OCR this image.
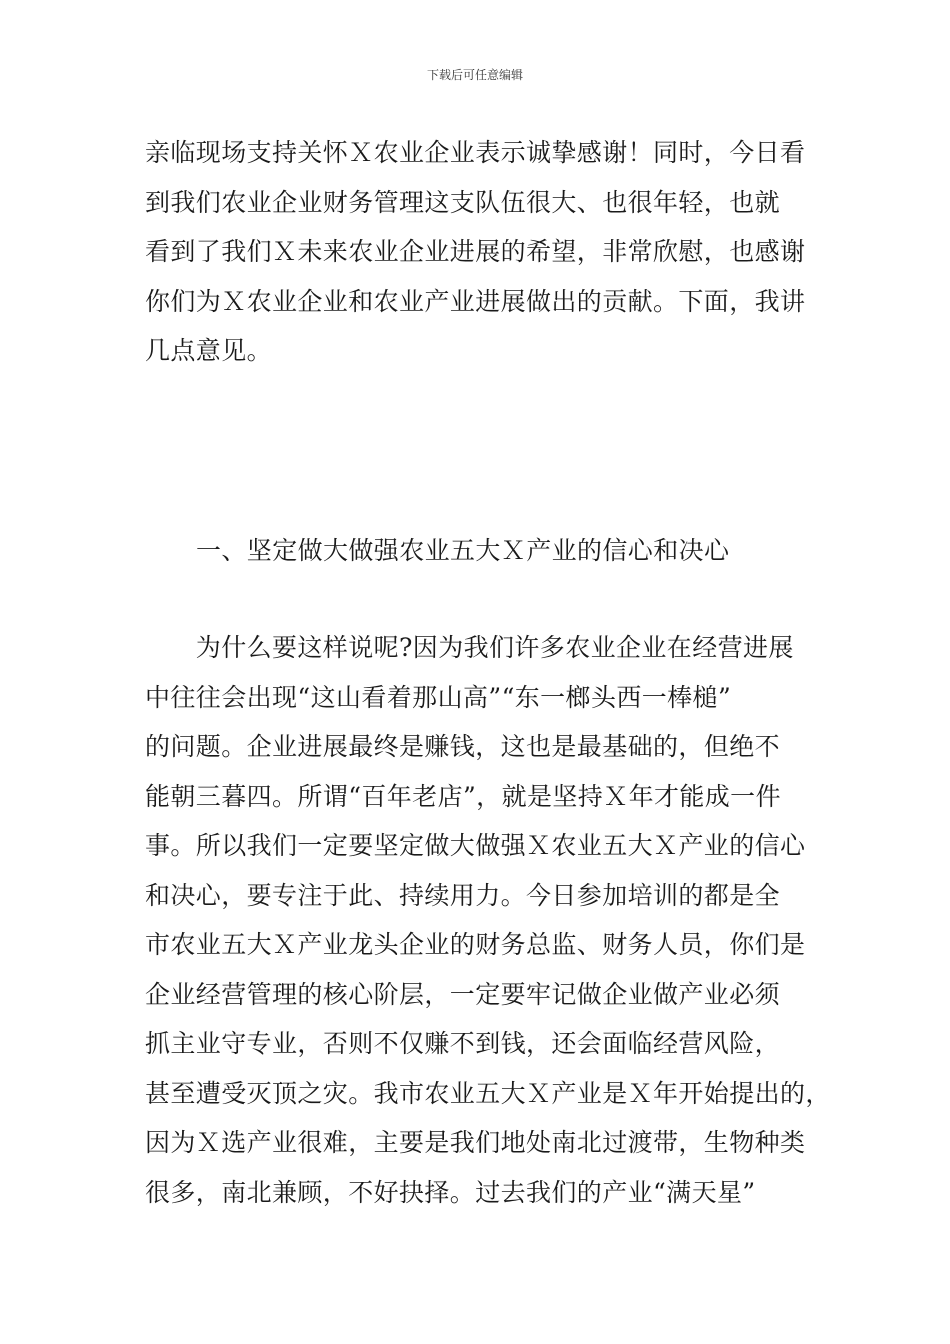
下载后可任意编辑
亲临现场支持关怀Ｘ农业企业表示诚挚感谢！同时，今日看
到我们农业企业财务管理这支队伍很大、也很年轻，也就
看到了我们Ｘ未来农业企业进展的希望，非常欣慰，也感谢
你们为Ｘ农业企业和农业产业进展做出的贡献。下面，我讲
几点意见。
一、坚定做大做强农业五大Ｘ产业的信心和决心
　　为什么要这样说呢?因为我们许多农业企业在经营进展
中往往会出现“这山看着那山高”“东一榔头西一棒槌”
的问题。企业进展最终是赚钱，这也是最基础的，但绝不
能朝三暮四。所谓“百年老店”，就是坚持Ｘ年才能成一件
事。所以我们一定要坚定做大做强Ｘ农业五大Ｘ产业的信心
和决心，要专注于此、持续用力。今日参加培训的都是全
市农业五大Ｘ产业龙头企业的财务总监、财务人员，你们是
企业经营管理的核心阶层，一定要牢记做企业做产业必须
抓主业守专业，否则不仅赚不到钱，还会面临经营风险，
甚至遭受灭顶之灾。我市农业五大Ｘ产业是Ｘ年开始提出的，
因为Ｘ选产业很难，主要是我们地处南北过渡带，生物种类
很多，南北兼顾，不好抉择。过去我们的产业“满天星”
